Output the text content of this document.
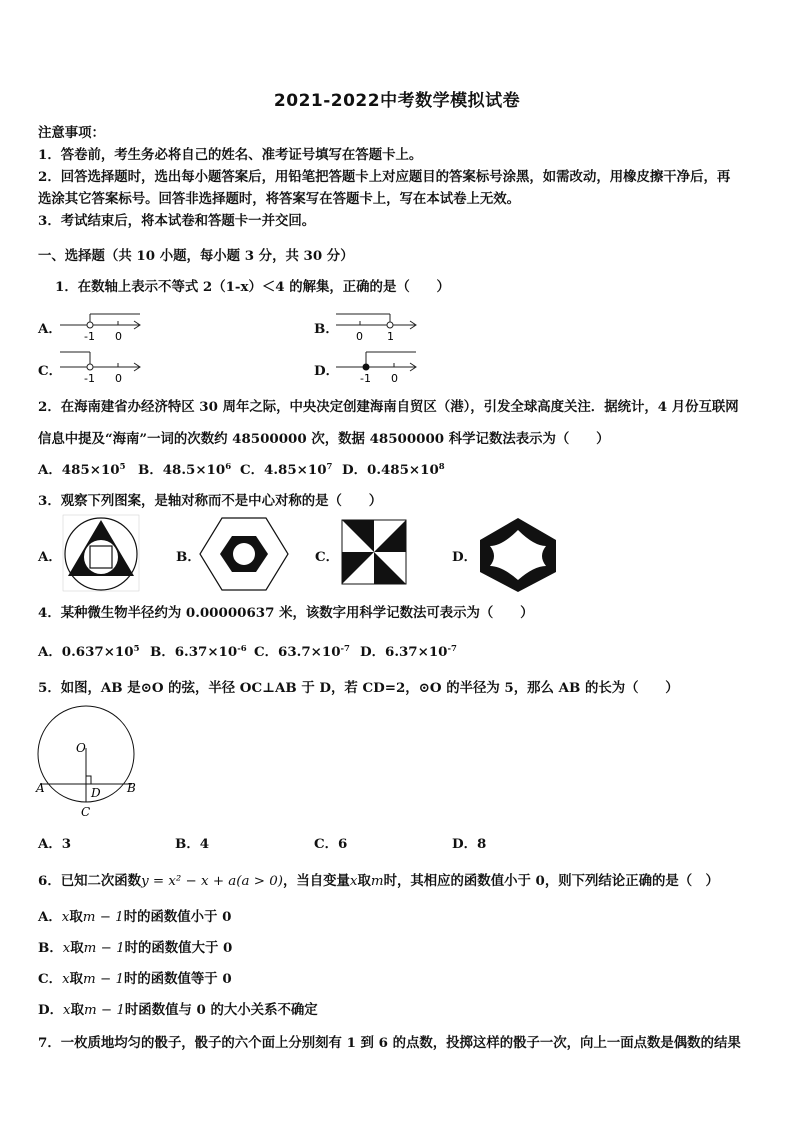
2021-2022中考数学模拟试卷
注意事项：
1．答卷前，考生务必将自己的姓名、准考证号填写在答题卡上。
2．回答选择题时，选出每小题答案后，用铅笔把答题卡上对应题目的答案标号涂黑，如需改动，用橡皮擦干净后，再
选涂其它答案标号。回答非选择题时，将答案写在答题卡上，写在本试卷上无效。
3．考试结束后，将本试卷和答题卡一并交回。
一、选择题（共 10 小题，每小题 3 分，共 30 分）
1．在数轴上表示不等式 2（1-x）＜4 的解集，正确的是（　　）
A． -1 0	B． 0 1
C． -1 0	D． -1 0
2．在海南建省办经济特区 30 周年之际，中央决定创建海南自贸区（港），引发全球高度关注．据统计，4 月份互联网
信息中提及“海南”一词的次数约 48500000 次，数据 48500000 科学记数法表示为（　　）
A．$485\times 10^5$ B．$48.5\times 10^6$ C．$4.85\times 10^7$ D．$0.485\times 10^8$
3．观察下列图案，是轴对称而不是中心对称的是（　　）
A．	B．	C．	D．
4．某种微生物半径约为 0.00000637 米，该数字用科学记数法可表示为（　　）
A．$0.637\times 10^5$ B．$6.37\times 10^{-6}$ C．$63.7\times 10^{-7}$ D．$6.37\times 10^{-7}$
5．如图，AB 是⊙O 的弦，半径 OC⊥AB 于 D，若 CD=2，⊙O 的半径为 5，那么 AB 的长为（　　）
O
A	B
D
C
A．3	B．4	C．6	D．8
6．已知二次函数y = x² − x + a(a > 0)，当自变量x取m时，其相应的函数值小于 0，则下列结论正确的是（　）
A．x取m − 1时的函数值小于 0
B．x取m − 1时的函数值大于 0
C．x取m − 1时的函数值等于 0
D．x取m − 1时函数值与 0 的大小关系不确定
7．一枚质地均匀的骰子，骰子的六个面上分别刻有 1 到 6 的点数，投掷这样的骰子一次，向上一面点数是偶数的结果
